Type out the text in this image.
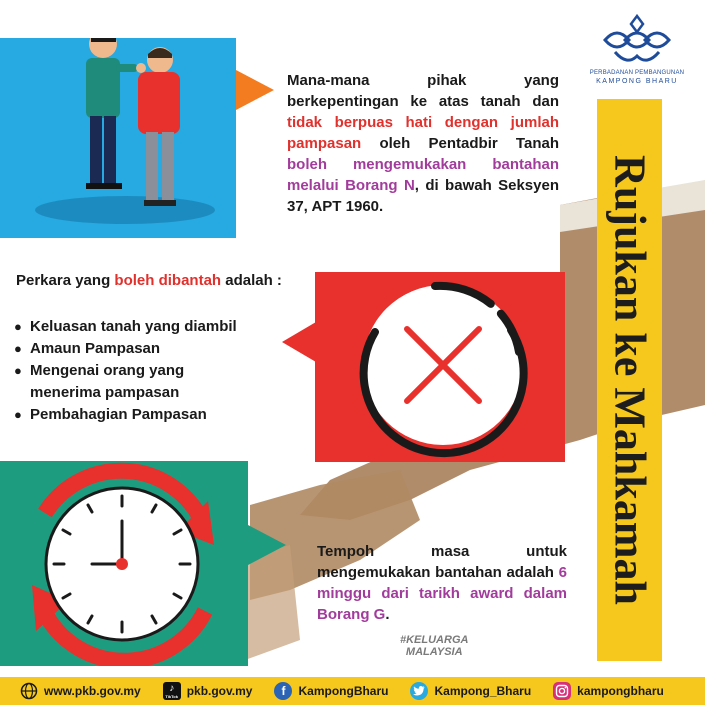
Mana-mana pihak yang berkepentingan ke atas tanah dan tidak berpuas hati dengan jumlah pampasan oleh Pentadbir Tanah boleh mengemukakan bantahan melalui Borang N, di bawah Seksyen 37, APT 1960.

Perkara yang boleh dibantah adalah :
● Keluasan tanah yang diambil
● Amaun Pampasan
● Mengenai orang yang menerima pampasan
● Pembahagian Pampasan

Tempoh masa untuk mengemukakan bantahan adalah 6 minggu dari tarikh award dalam Borang G.

Rujukan ke Mahkamah
PERBADANAN PEMBANGUNAN
KAMPONG BHARU
#KELUARGA
MALAYSIA
www.pkb.gov.my	♪
TikTok pkb.gov.my	f	KampongBharu	Kampong_Bharu	kampongbharu
